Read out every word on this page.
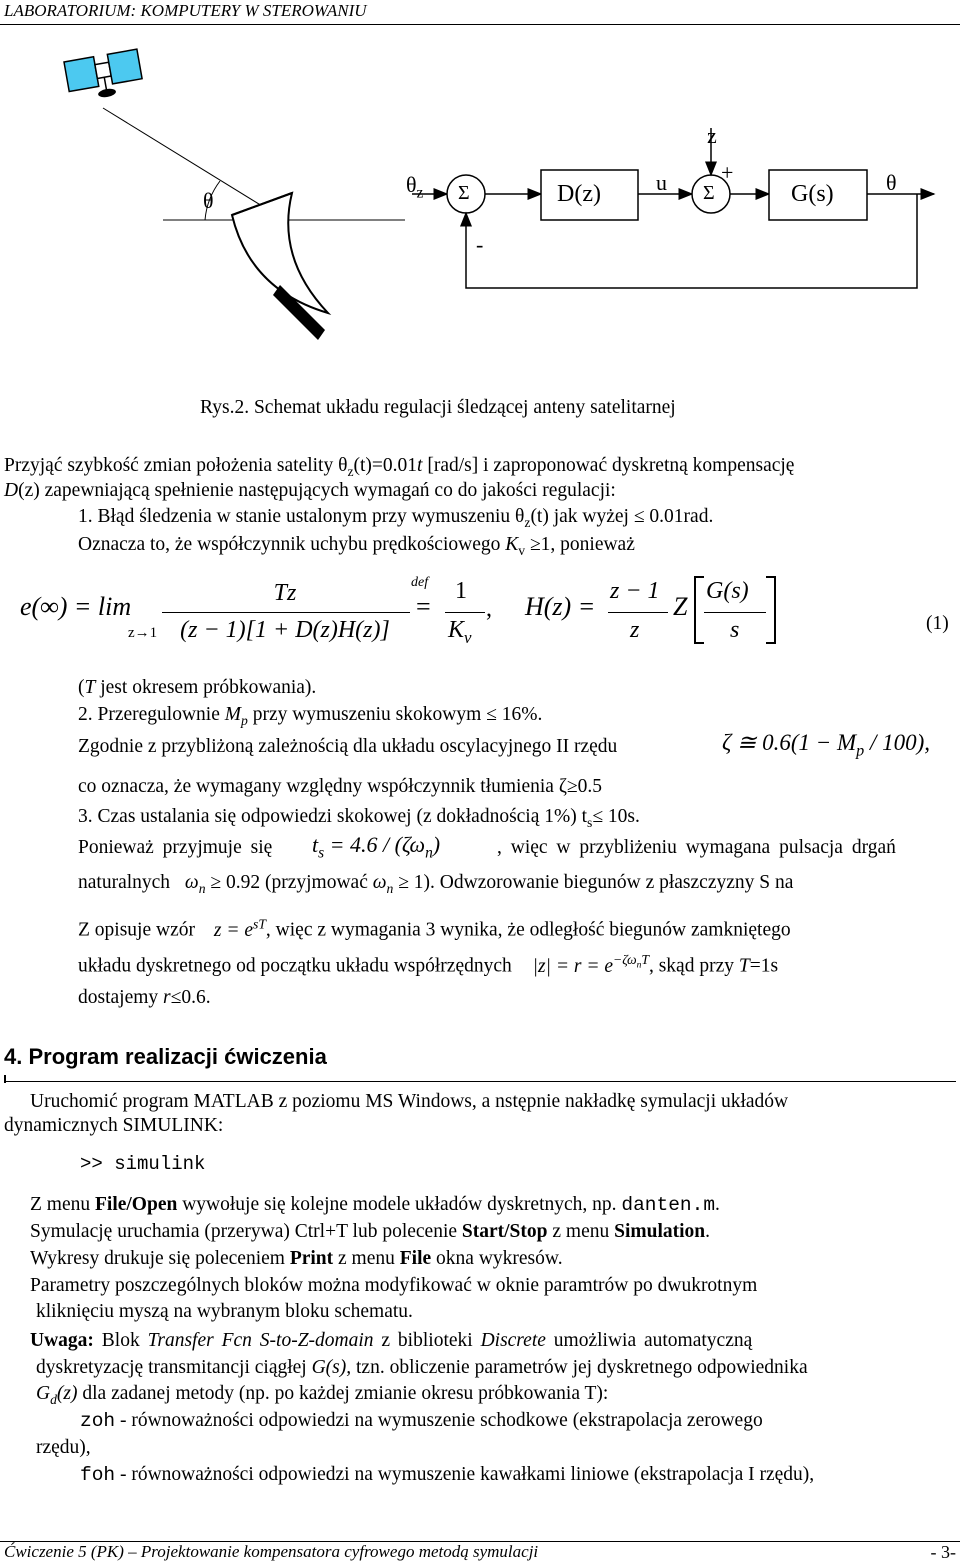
LABORATORIUM: KOMPUTERY W STEROWANIU
θ
$\theta_z$ Σ
-
D(z)	u
z
+
Σ	G(s) θ
Rys.2. Schemat układu regulacji śledzącej anteny satelitarnej
Przyjąć szybkość zmian położenia satelity $\theta_z(t)=0.01t$ [rad/s] i zaproponować dyskretną kompensację
D(z) zapewniającą spełnienie następujących wymagań co do jakości regulacji:
1. Błąd śledzenia w stanie ustalonym przy wymuszeniu $\theta_z(t)$ jak wyżej ≤ 0.01rad.
Oznacza to, że współczynnik uchybu prędkościowego $K_v \ge 1$, ponieważ
e(∞) = lim
z→1
Tz
(z − 1)[1 + D(z)H(z)]
def
=
1
$K_v$
, H(z) =
z − 1
z
Z
G(s)
s	(1)
(T jest okresem próbkowania).
2. Przeregulownie $M_p$ przy wymuszeniu skokowym ≤ 16%.
Zgodnie z przybliżoną zależnością dla układu oscylacyjnego II rzędu	ζ ≅ $0.6(1 - M_p / 100)$,
co oznacza, że wymagany względny współczynnik tłumienia ζ≥0.5
3. Czas ustalania się odpowiedzi skokowej (z dokładnością 1%) $t_s\le 10s$.
Ponieważ przyjmuje się $t_s = 4.6 / (\zeta\omega_n)$	, więc w przybliżeniu wymagana pulsacja drgań
naturalnych $\omega_n \ge 0.92$ (przyjmować $\omega_n \ge 1$). Odwzorowanie biegunów z płaszczyzny S na
Z opisuje wzór $z = e^{sT}$, więc z wymagania 3 wynika, że odległość biegunów zamkniętego
układu dyskretnego od początku układu współrzędnych $|z| = r = e^{-\zeta\omega_nT}$, skąd przy T=1s
dostajemy r≤0.6.
4. Program realizacji ćwiczenia
Uruchomić program MATLAB z poziomu MS Windows, a nstępnie nakładkę symulacji układów
dynamicznych SIMULINK:
>> simulink
Z menu File/Open wywołuje się kolejne modele układów dyskretnych, np. danten.m.
Symulację uruchamia (przerywa) Ctrl+T lub polecenie Start/Stop z menu Simulation.
Wykresy drukuje się poleceniem Print z menu File okna wykresów.
Parametry poszczególnych bloków można modyfikować w oknie paramtrów po dwukrotnym
kliknięciu myszą na wybranym bloku schematu.
Uwaga: Blok Transfer Fcn S-to-Z-domain z biblioteki Discrete umożliwia automatyczną
dyskretyzację transmitancji ciągłej G(s), tzn. obliczenie parametrów jej dyskretnego odpowiednika
$G_d(z)$ dla zadanej metody (np. po każdej zmianie okresu próbkowania T):
zoh - równoważności odpowiedzi na wymuszenie schodkowe (ekstrapolacja zerowego
rzędu),
foh - równoważności odpowiedzi na wymuszenie kawałkami liniowe (ekstrapolacja I rzędu),
Ćwiczenie 5 (PK) – Projektowanie kompensatora cyfrowego metodą symulacji	- 3-
